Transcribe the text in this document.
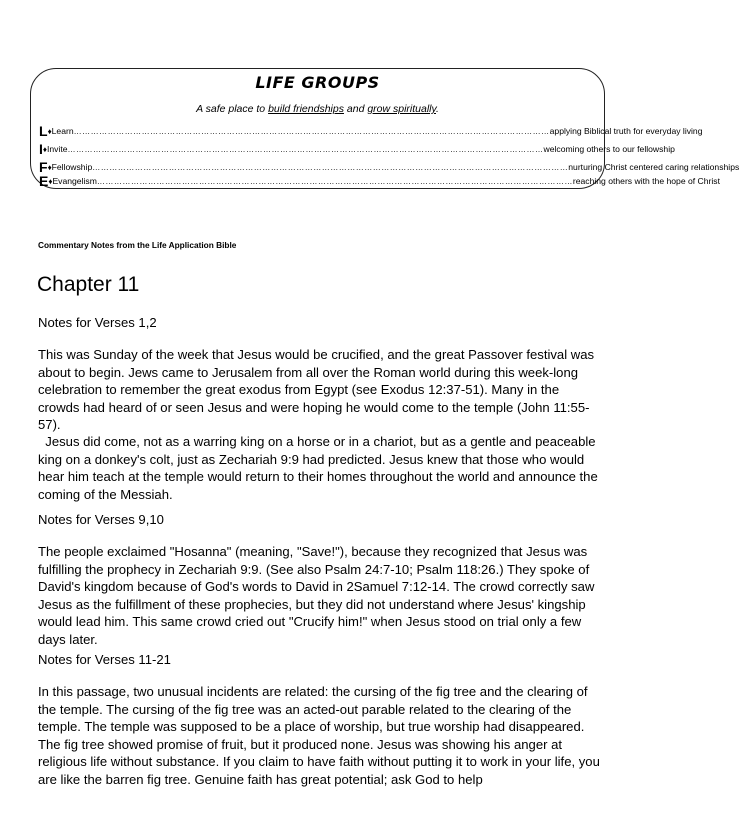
LIFE GROUPS
A safe place to build friendships and grow spiritually.
L ♦ Learn …………………………………………………………………………………………………………………………………………………… applying Biblical truth for everyday living
I ♦ Invite …………………………………………………………………………………………………………………………………………………… welcoming others to our fellowship
F ♦ Fellowship …………………………………………………………………………………………………………………………………………………… nurturing Christ centered caring relationships
E ♦ Evangelism …………………………………………………………………………………………………………………………………………………… reaching others with the hope of Christ
Commentary Notes from the Life Application Bible
Chapter 11
Notes for Verses 1,2
This was Sunday of the week that Jesus would be crucified, and the great Passover festival was about to begin. Jews came to Jerusalem from all over the Roman world during this week-long celebration to remember the great exodus from Egypt (see Exodus 12:37-51). Many in the crowds had heard of or seen Jesus and were hoping he would come to the temple (John 11:55-57).
Jesus did come, not as a warring king on a horse or in a chariot, but as a gentle and peaceable king on a donkey's colt, just as Zechariah 9:9 had predicted. Jesus knew that those who would hear him teach at the temple would return to their homes throughout the world and announce the coming of the Messiah.
Notes for Verses 9,10
The people exclaimed "Hosanna" (meaning, "Save!"), because they recognized that Jesus was fulfilling the prophecy in Zechariah 9:9. (See also Psalm 24:7-10; Psalm 118:26.) They spoke of David's kingdom because of God's words to David in 2Samuel 7:12-14. The crowd correctly saw Jesus as the fulfillment of these prophecies, but they did not understand where Jesus' kingship would lead him. This same crowd cried out "Crucify him!" when Jesus stood on trial only a few days later.
Notes for Verses 11-21
In this passage, two unusual incidents are related: the cursing of the fig tree and the clearing of the temple. The cursing of the fig tree was an acted-out parable related to the clearing of the temple. The temple was supposed to be a place of worship, but true worship had disappeared. The fig tree showed promise of fruit, but it produced none. Jesus was showing his anger at religious life without substance. If you claim to have faith without putting it to work in your life, you are like the barren fig tree. Genuine faith has great potential; ask God to help
